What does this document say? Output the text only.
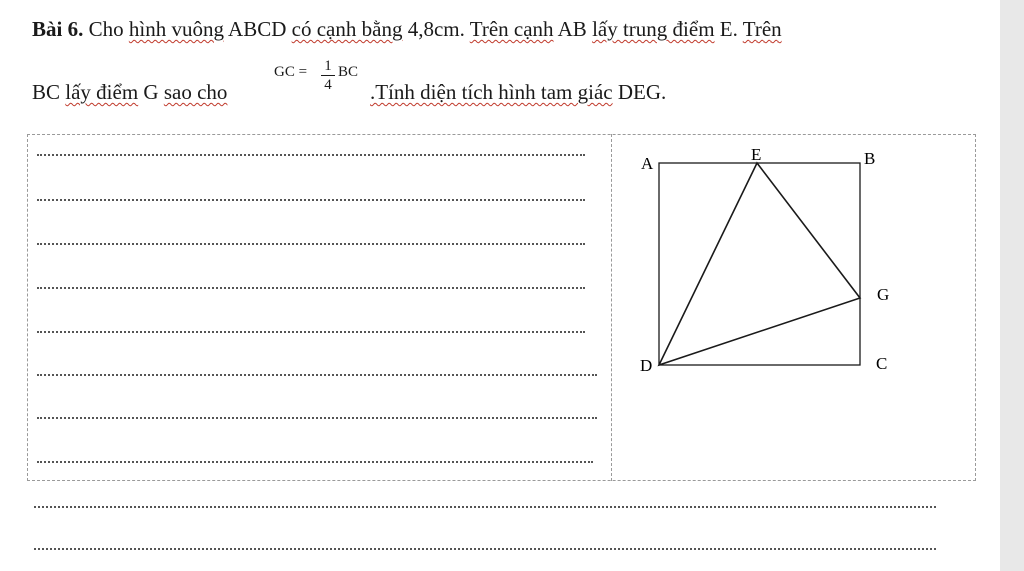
Bài 6. Cho hình vuông ABCD có cạnh bằng 4,8cm. Trên cạnh AB lấy trung điểm E. Trên
BC lấy điểm G sao cho	.Tính diện tích hình tam giác DEG.
GC = 1
4
BC
A	E	B
G
C
D
